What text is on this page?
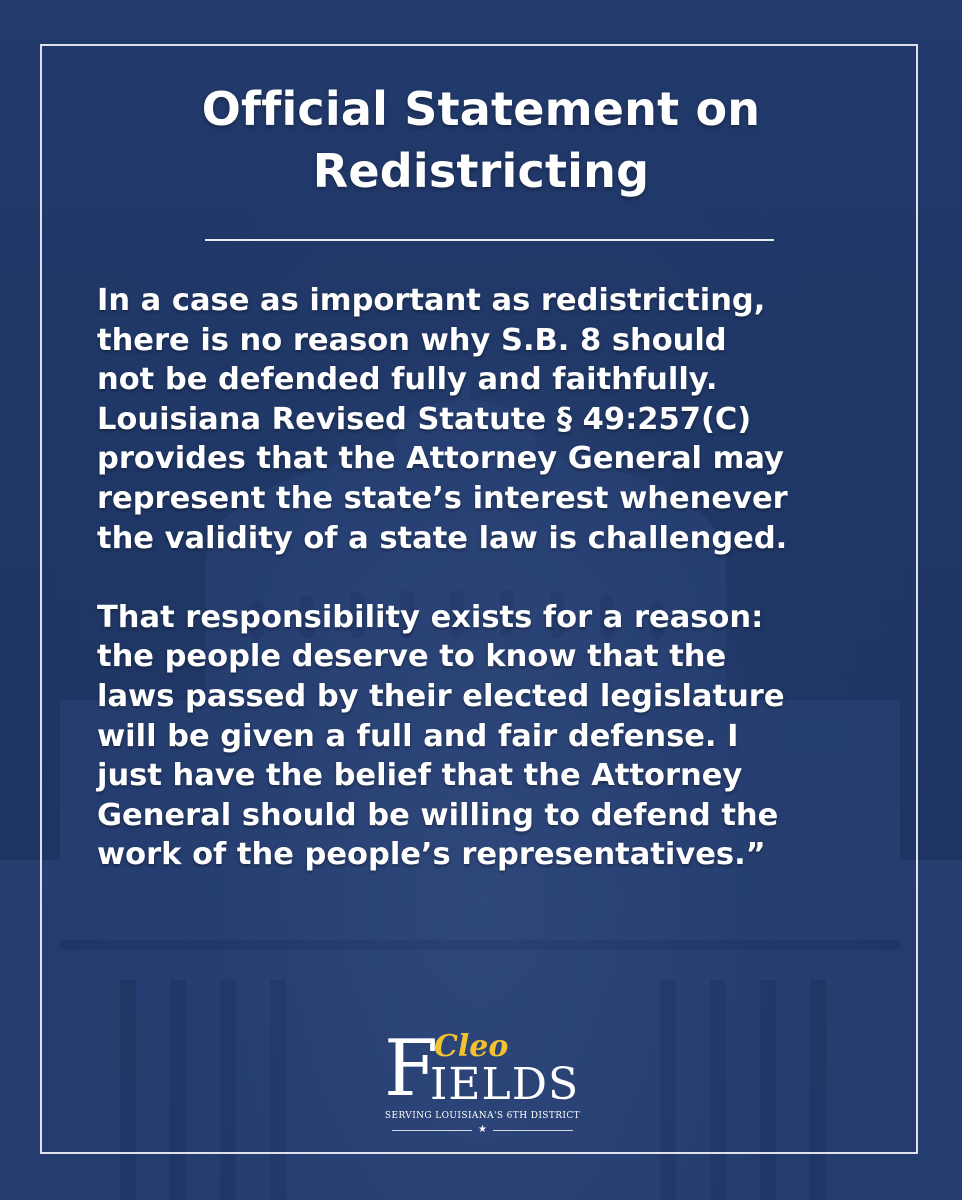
Official Statement on
Redistricting
In a case as important as redistricting,
there is no reason why S.B. 8 should
not be defended fully and faithfully.
Louisiana Revised Statute § 49:257(C)
provides that the Attorney General may
represent the state’s interest whenever
the validity of a state law is challenged.
That responsibility exists for a reason:
the people deserve to know that the
laws passed by their elected legislature
will be given a full and fair defense. I
just have the belief that the Attorney
General should be willing to defend the
work of the people’s representatives.”
F
Cleo
IELDS
SERVING LOUISIANA'S 6TH DISTRICT
★
